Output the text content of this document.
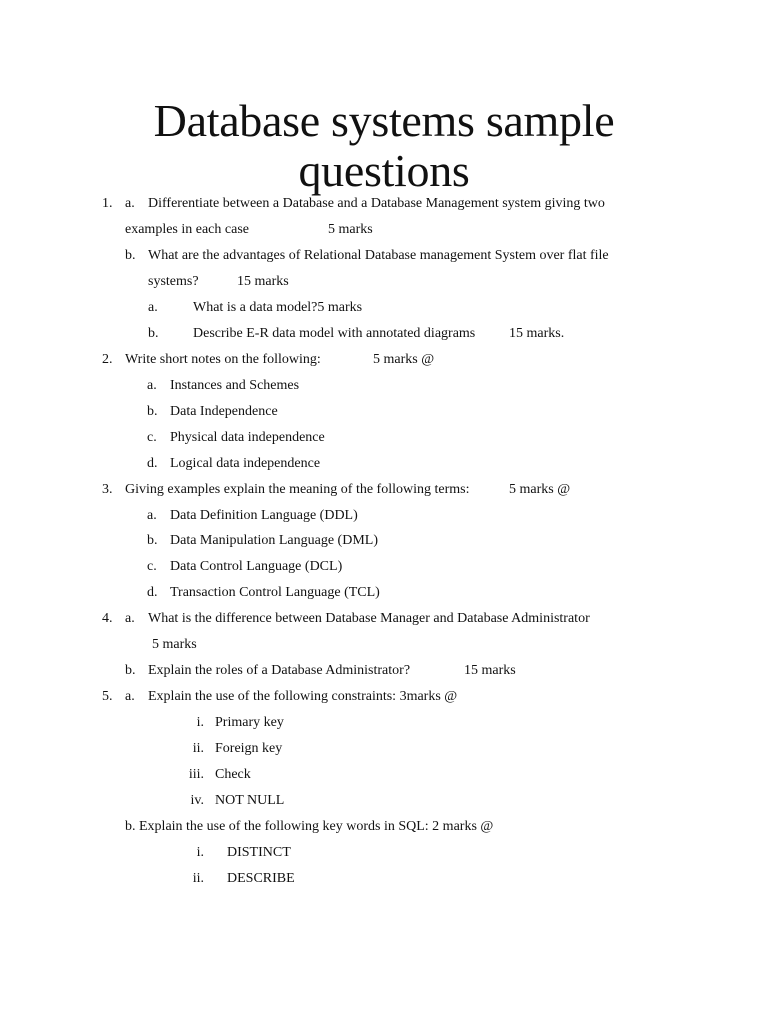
Database systems sample
questions
1. a. Differentiate between a Database and a Database Management system giving two
examples in each case	5 marks
b. What are the advantages of Relational Database management System over flat file
systems?	15 marks
a.	What is a data model?5 marks
b. Describe E-R data model with annotated diagrams 15 marks.
2. Write short notes on the following:	5 marks @
a. Instances and Schemes
b. Data Independence
c. Physical data independence
d. Logical data independence
3. Giving examples explain the meaning of the following terms:	5 marks @
a. Data Definition Language (DDL)
b. Data Manipulation Language (DML)
c. Data Control Language (DCL)
d. Transaction Control Language (TCL)
4. a. What is the difference between Database Manager and Database Administrator
5 marks
b. Explain the roles of a Database Administrator?	15 marks
5. a. Explain the use of the following constraints: 3marks @
i. Primary key
ii. Foreign key
iii. Check
iv. NOT NULL
b. Explain the use of the following key words in SQL: 2 marks @
i. DISTINCT
ii. DESCRIBE
